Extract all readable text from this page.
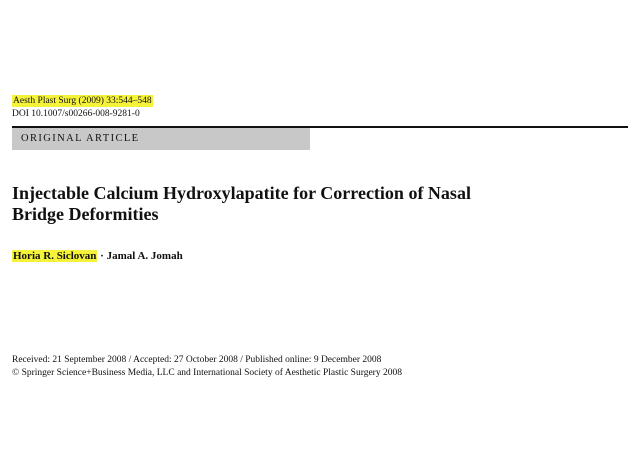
Aesth Plast Surg (2009) 33:544–548
DOI 10.1007/s00266-008-9281-0
ORIGINAL ARTICLE
Injectable Calcium Hydroxylapatite for Correction of Nasal
Bridge Deformities
Horia R. Siclovan · Jamal A. Jomah
Received: 21 September 2008 / Accepted: 27 October 2008 / Published online: 9 December 2008
© Springer Science+Business Media, LLC and International Society of Aesthetic Plastic Surgery 2008
